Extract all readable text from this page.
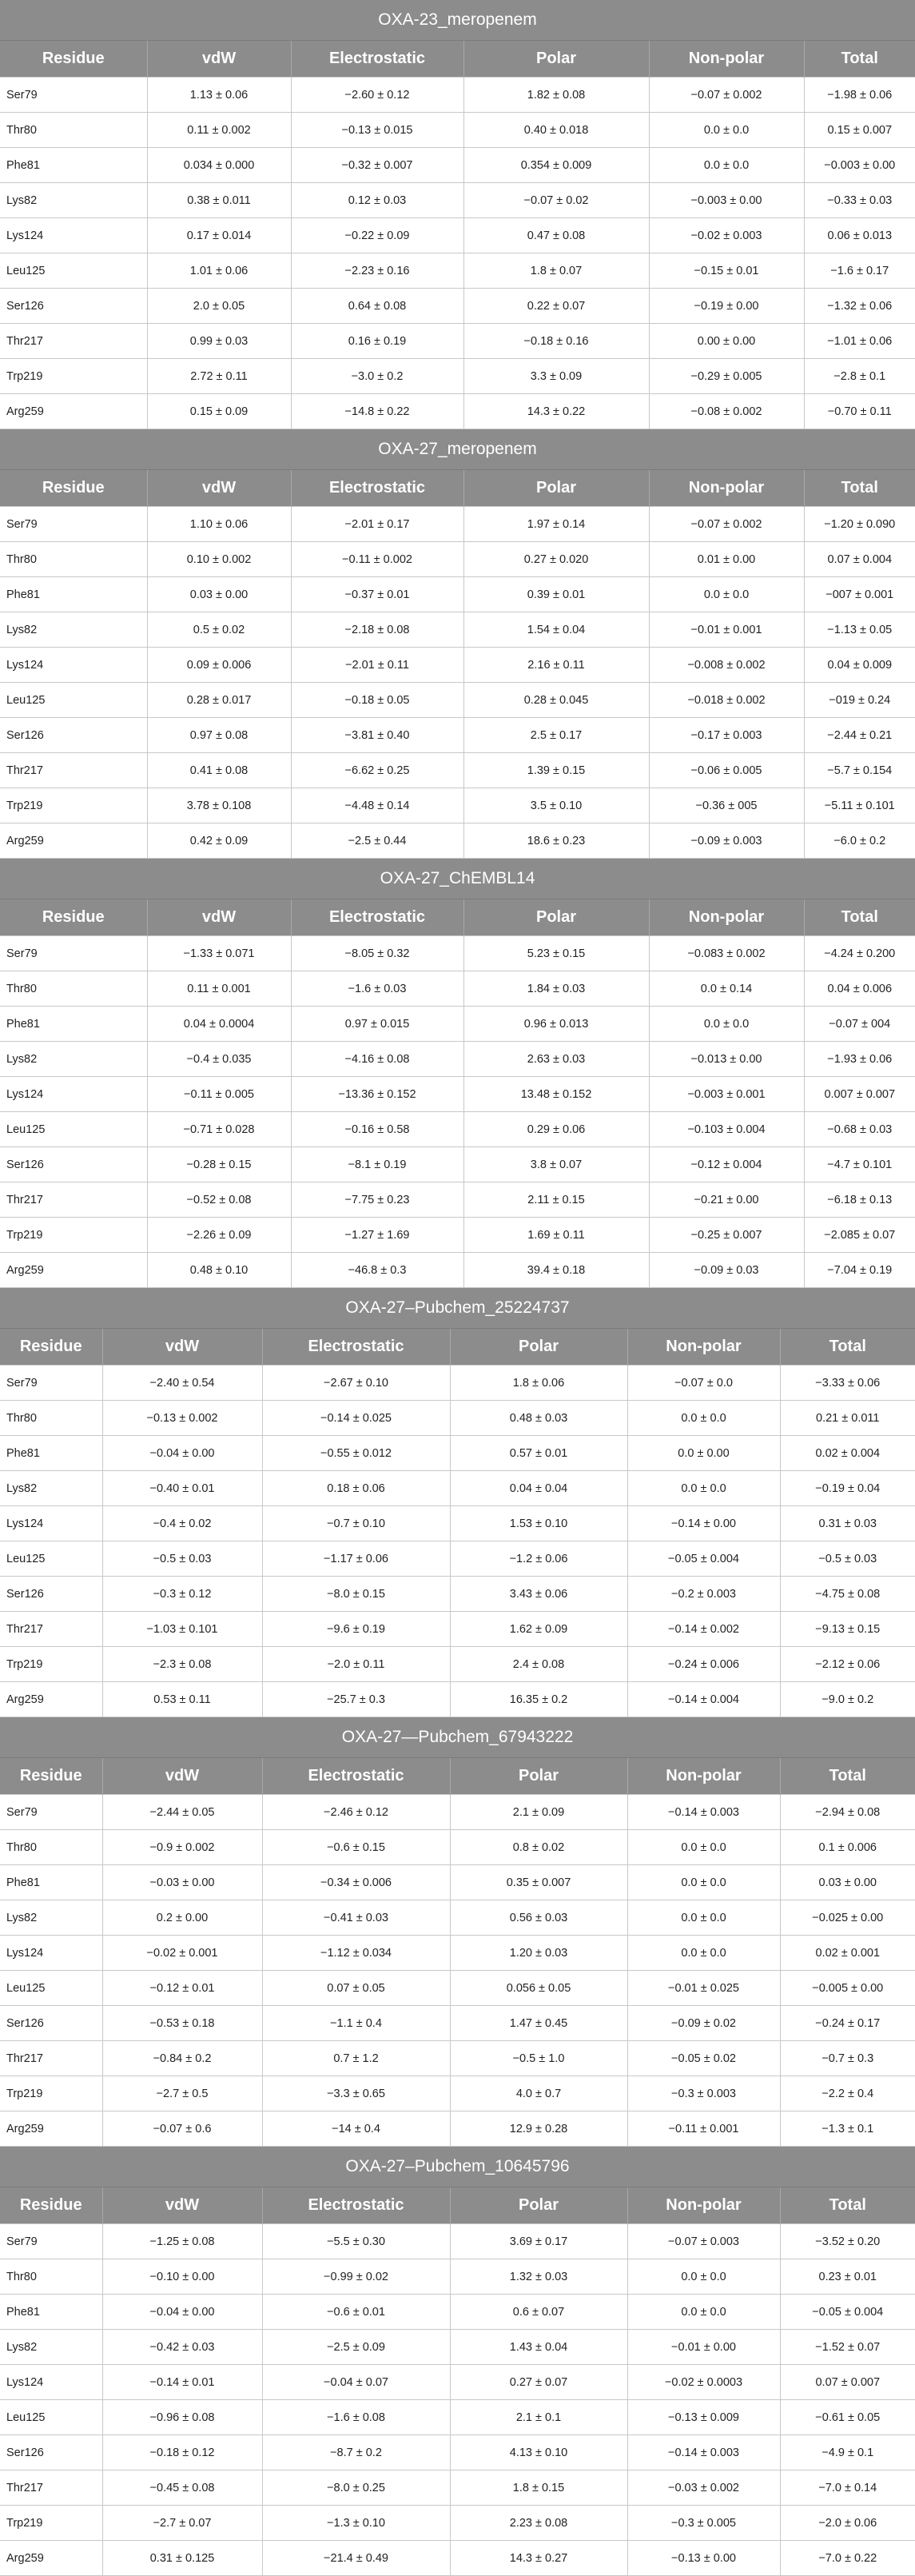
OXA-23_meropenem
Residue	vdW	Electrostatic	Polar	Non-polar	Total
Ser79	1.13 ± 0.06	−2.60 ± 0.12	1.82 ± 0.08	−0.07 ± 0.002	−1.98 ± 0.06
Thr80	0.11 ± 0.002	−0.13 ± 0.015	0.40 ± 0.018	0.0 ± 0.0	0.15 ± 0.007
Phe81	0.034 ± 0.000	−0.32 ± 0.007	0.354 ± 0.009	0.0 ± 0.0	−0.003 ± 0.00
Lys82	0.38 ± 0.011	0.12 ± 0.03	−0.07 ± 0.02	−0.003 ± 0.00	−0.33 ± 0.03
Lys124	0.17 ± 0.014	−0.22 ± 0.09	0.47 ± 0.08	−0.02 ± 0.003	0.06 ± 0.013
Leu125	1.01 ± 0.06	−2.23 ± 0.16	1.8 ± 0.07	−0.15 ± 0.01	−1.6 ± 0.17
Ser126	2.0 ± 0.05	0.64 ± 0.08	0.22 ± 0.07	−0.19 ± 0.00	−1.32 ± 0.06
Thr217	0.99 ± 0.03	0.16 ± 0.19	−0.18 ± 0.16	0.00 ± 0.00	−1.01 ± 0.06
Trp219	2.72 ± 0.11	−3.0 ± 0.2	3.3 ± 0.09	−0.29 ± 0.005	−2.8 ± 0.1
Arg259	0.15 ± 0.09	−14.8 ± 0.22	14.3 ± 0.22	−0.08 ± 0.002	−0.70 ± 0.11
OXA-27_meropenem
Residue	vdW	Electrostatic	Polar	Non-polar	Total
Ser79	1.10 ± 0.06	−2.01 ± 0.17	1.97 ± 0.14	−0.07 ± 0.002	−1.20 ± 0.090
Thr80	0.10 ± 0.002	−0.11 ± 0.002	0.27 ± 0.020	0.01 ± 0.00	0.07 ± 0.004
Phe81	0.03 ± 0.00	−0.37 ± 0.01	0.39 ± 0.01	0.0 ± 0.0	−007 ± 0.001
Lys82	0.5 ± 0.02	−2.18 ± 0.08	1.54 ± 0.04	−0.01 ± 0.001	−1.13 ± 0.05
Lys124	0.09 ± 0.006	−2.01 ± 0.11	2.16 ± 0.11	−0.008 ± 0.002	0.04 ± 0.009
Leu125	0.28 ± 0.017	−0.18 ± 0.05	0.28 ± 0.045	−0.018 ± 0.002	−019 ± 0.24
Ser126	0.97 ± 0.08	−3.81 ± 0.40	2.5 ± 0.17	−0.17 ± 0.003	−2.44 ± 0.21
Thr217	0.41 ± 0.08	−6.62 ± 0.25	1.39 ± 0.15	−0.06 ± 0.005	−5.7 ± 0.154
Trp219	3.78 ± 0.108	−4.48 ± 0.14	3.5 ± 0.10	−0.36 ± 005	−5.11 ± 0.101
Arg259	0.42 ± 0.09	−2.5 ± 0.44	18.6 ± 0.23	−0.09 ± 0.003	−6.0 ± 0.2
OXA-27_ChEMBL14
Residue	vdW	Electrostatic	Polar	Non-polar	Total
Ser79	−1.33 ± 0.071	−8.05 ± 0.32	5.23 ± 0.15	−0.083 ± 0.002	−4.24 ± 0.200
Thr80	0.11 ± 0.001	−1.6 ± 0.03	1.84 ± 0.03	0.0 ± 0.14	0.04 ± 0.006
Phe81	0.04 ± 0.0004	0.97 ± 0.015	0.96 ± 0.013	0.0 ± 0.0	−0.07 ± 004
Lys82	−0.4 ± 0.035	−4.16 ± 0.08	2.63 ± 0.03	−0.013 ± 0.00	−1.93 ± 0.06
Lys124	−0.11 ± 0.005	−13.36 ± 0.152	13.48 ± 0.152	−0.003 ± 0.001	0.007 ± 0.007
Leu125	−0.71 ± 0.028	−0.16 ± 0.58	0.29 ± 0.06	−0.103 ± 0.004	−0.68 ± 0.03
Ser126	−0.28 ± 0.15	−8.1 ± 0.19	3.8 ± 0.07	−0.12 ± 0.004	−4.7 ± 0.101
Thr217	−0.52 ± 0.08	−7.75 ± 0.23	2.11 ± 0.15	−0.21 ± 0.00	−6.18 ± 0.13
Trp219	−2.26 ± 0.09	−1.27 ± 1.69	1.69 ± 0.11	−0.25 ± 0.007	−2.085 ± 0.07
Arg259	0.48 ± 0.10	−46.8 ± 0.3	39.4 ± 0.18	−0.09 ± 0.03	−7.04 ± 0.19
OXA-27–Pubchem_25224737
Residue	vdW	Electrostatic	Polar	Non-polar	Total
Ser79	−2.40 ± 0.54	−2.67 ± 0.10	1.8 ± 0.06	−0.07 ± 0.0	−3.33 ± 0.06
Thr80	−0.13 ± 0.002	−0.14 ± 0.025	0.48 ± 0.03	0.0 ± 0.0	0.21 ± 0.011
Phe81	−0.04 ± 0.00	−0.55 ± 0.012	0.57 ± 0.01	0.0 ± 0.00	0.02 ± 0.004
Lys82	−0.40 ± 0.01	0.18 ± 0.06	0.04 ± 0.04	0.0 ± 0.0	−0.19 ± 0.04
Lys124	−0.4 ± 0.02	−0.7 ± 0.10	1.53 ± 0.10	−0.14 ± 0.00	0.31 ± 0.03
Leu125	−0.5 ± 0.03	−1.17 ± 0.06	−1.2 ± 0.06	−0.05 ± 0.004	−0.5 ± 0.03
Ser126	−0.3 ± 0.12	−8.0 ± 0.15	3.43 ± 0.06	−0.2 ± 0.003	−4.75 ± 0.08
Thr217	−1.03 ± 0.101	−9.6 ± 0.19	1.62 ± 0.09	−0.14 ± 0.002	−9.13 ± 0.15
Trp219	−2.3 ± 0.08	−2.0 ± 0.11	2.4 ± 0.08	−0.24 ± 0.006	−2.12 ± 0.06
Arg259	0.53 ± 0.11	−25.7 ± 0.3	16.35 ± 0.2	−0.14 ± 0.004	−9.0 ± 0.2
OXA-27—Pubchem_67943222
Residue	vdW	Electrostatic	Polar	Non-polar	Total
Ser79	−2.44 ± 0.05	−2.46 ± 0.12	2.1 ± 0.09	−0.14 ± 0.003	−2.94 ± 0.08
Thr80	−0.9 ± 0.002	−0.6 ± 0.15	0.8 ± 0.02	0.0 ± 0.0	0.1 ± 0.006
Phe81	−0.03 ± 0.00	−0.34 ± 0.006	0.35 ± 0.007	0.0 ± 0.0	0.03 ± 0.00
Lys82	0.2 ± 0.00	−0.41 ± 0.03	0.56 ± 0.03	0.0 ± 0.0	−0.025 ± 0.00
Lys124	−0.02 ± 0.001	−1.12 ± 0.034	1.20 ± 0.03	0.0 ± 0.0	0.02 ± 0.001
Leu125	−0.12 ± 0.01	0.07 ± 0.05	0.056 ± 0.05	−0.01 ± 0.025	−0.005 ± 0.00
Ser126	−0.53 ± 0.18	−1.1 ± 0.4	1.47 ± 0.45	−0.09 ± 0.02	−0.24 ± 0.17
Thr217	−0.84 ± 0.2	0.7 ± 1.2	−0.5 ± 1.0	−0.05 ± 0.02	−0.7 ± 0.3
Trp219	−2.7 ± 0.5	−3.3 ± 0.65	4.0 ± 0.7	−0.3 ± 0.003	−2.2 ± 0.4
Arg259	−0.07 ± 0.6	−14 ± 0.4	12.9 ± 0.28	−0.11 ± 0.001	−1.3 ± 0.1
OXA-27–Pubchem_10645796
Residue	vdW	Electrostatic	Polar	Non-polar	Total
Ser79	−1.25 ± 0.08	−5.5 ± 0.30	3.69 ± 0.17	−0.07 ± 0.003	−3.52 ± 0.20
Thr80	−0.10 ± 0.00	−0.99 ± 0.02	1.32 ± 0.03	0.0 ± 0.0	0.23 ± 0.01
Phe81	−0.04 ± 0.00	−0.6 ± 0.01	0.6 ± 0.07	0.0 ± 0.0	−0.05 ± 0.004
Lys82	−0.42 ± 0.03	−2.5 ± 0.09	1.43 ± 0.04	−0.01 ± 0.00	−1.52 ± 0.07
Lys124	−0.14 ± 0.01	−0.04 ± 0.07	0.27 ± 0.07	−0.02 ± 0.0003	0.07 ± 0.007
Leu125	−0.96 ± 0.08	−1.6 ± 0.08	2.1 ± 0.1	−0.13 ± 0.009	−0.61 ± 0.05
Ser126	−0.18 ± 0.12	−8.7 ± 0.2	4.13 ± 0.10	−0.14 ± 0.003	−4.9 ± 0.1
Thr217	−0.45 ± 0.08	−8.0 ± 0.25	1.8 ± 0.15	−0.03 ± 0.002	−7.0 ± 0.14
Trp219	−2.7 ± 0.07	−1.3 ± 0.10	2.23 ± 0.08	−0.3 ± 0.005	−2.0 ± 0.06
Arg259	0.31 ± 0.125	−21.4 ± 0.49	14.3 ± 0.27	−0.13 ± 0.00	−7.0 ± 0.22
